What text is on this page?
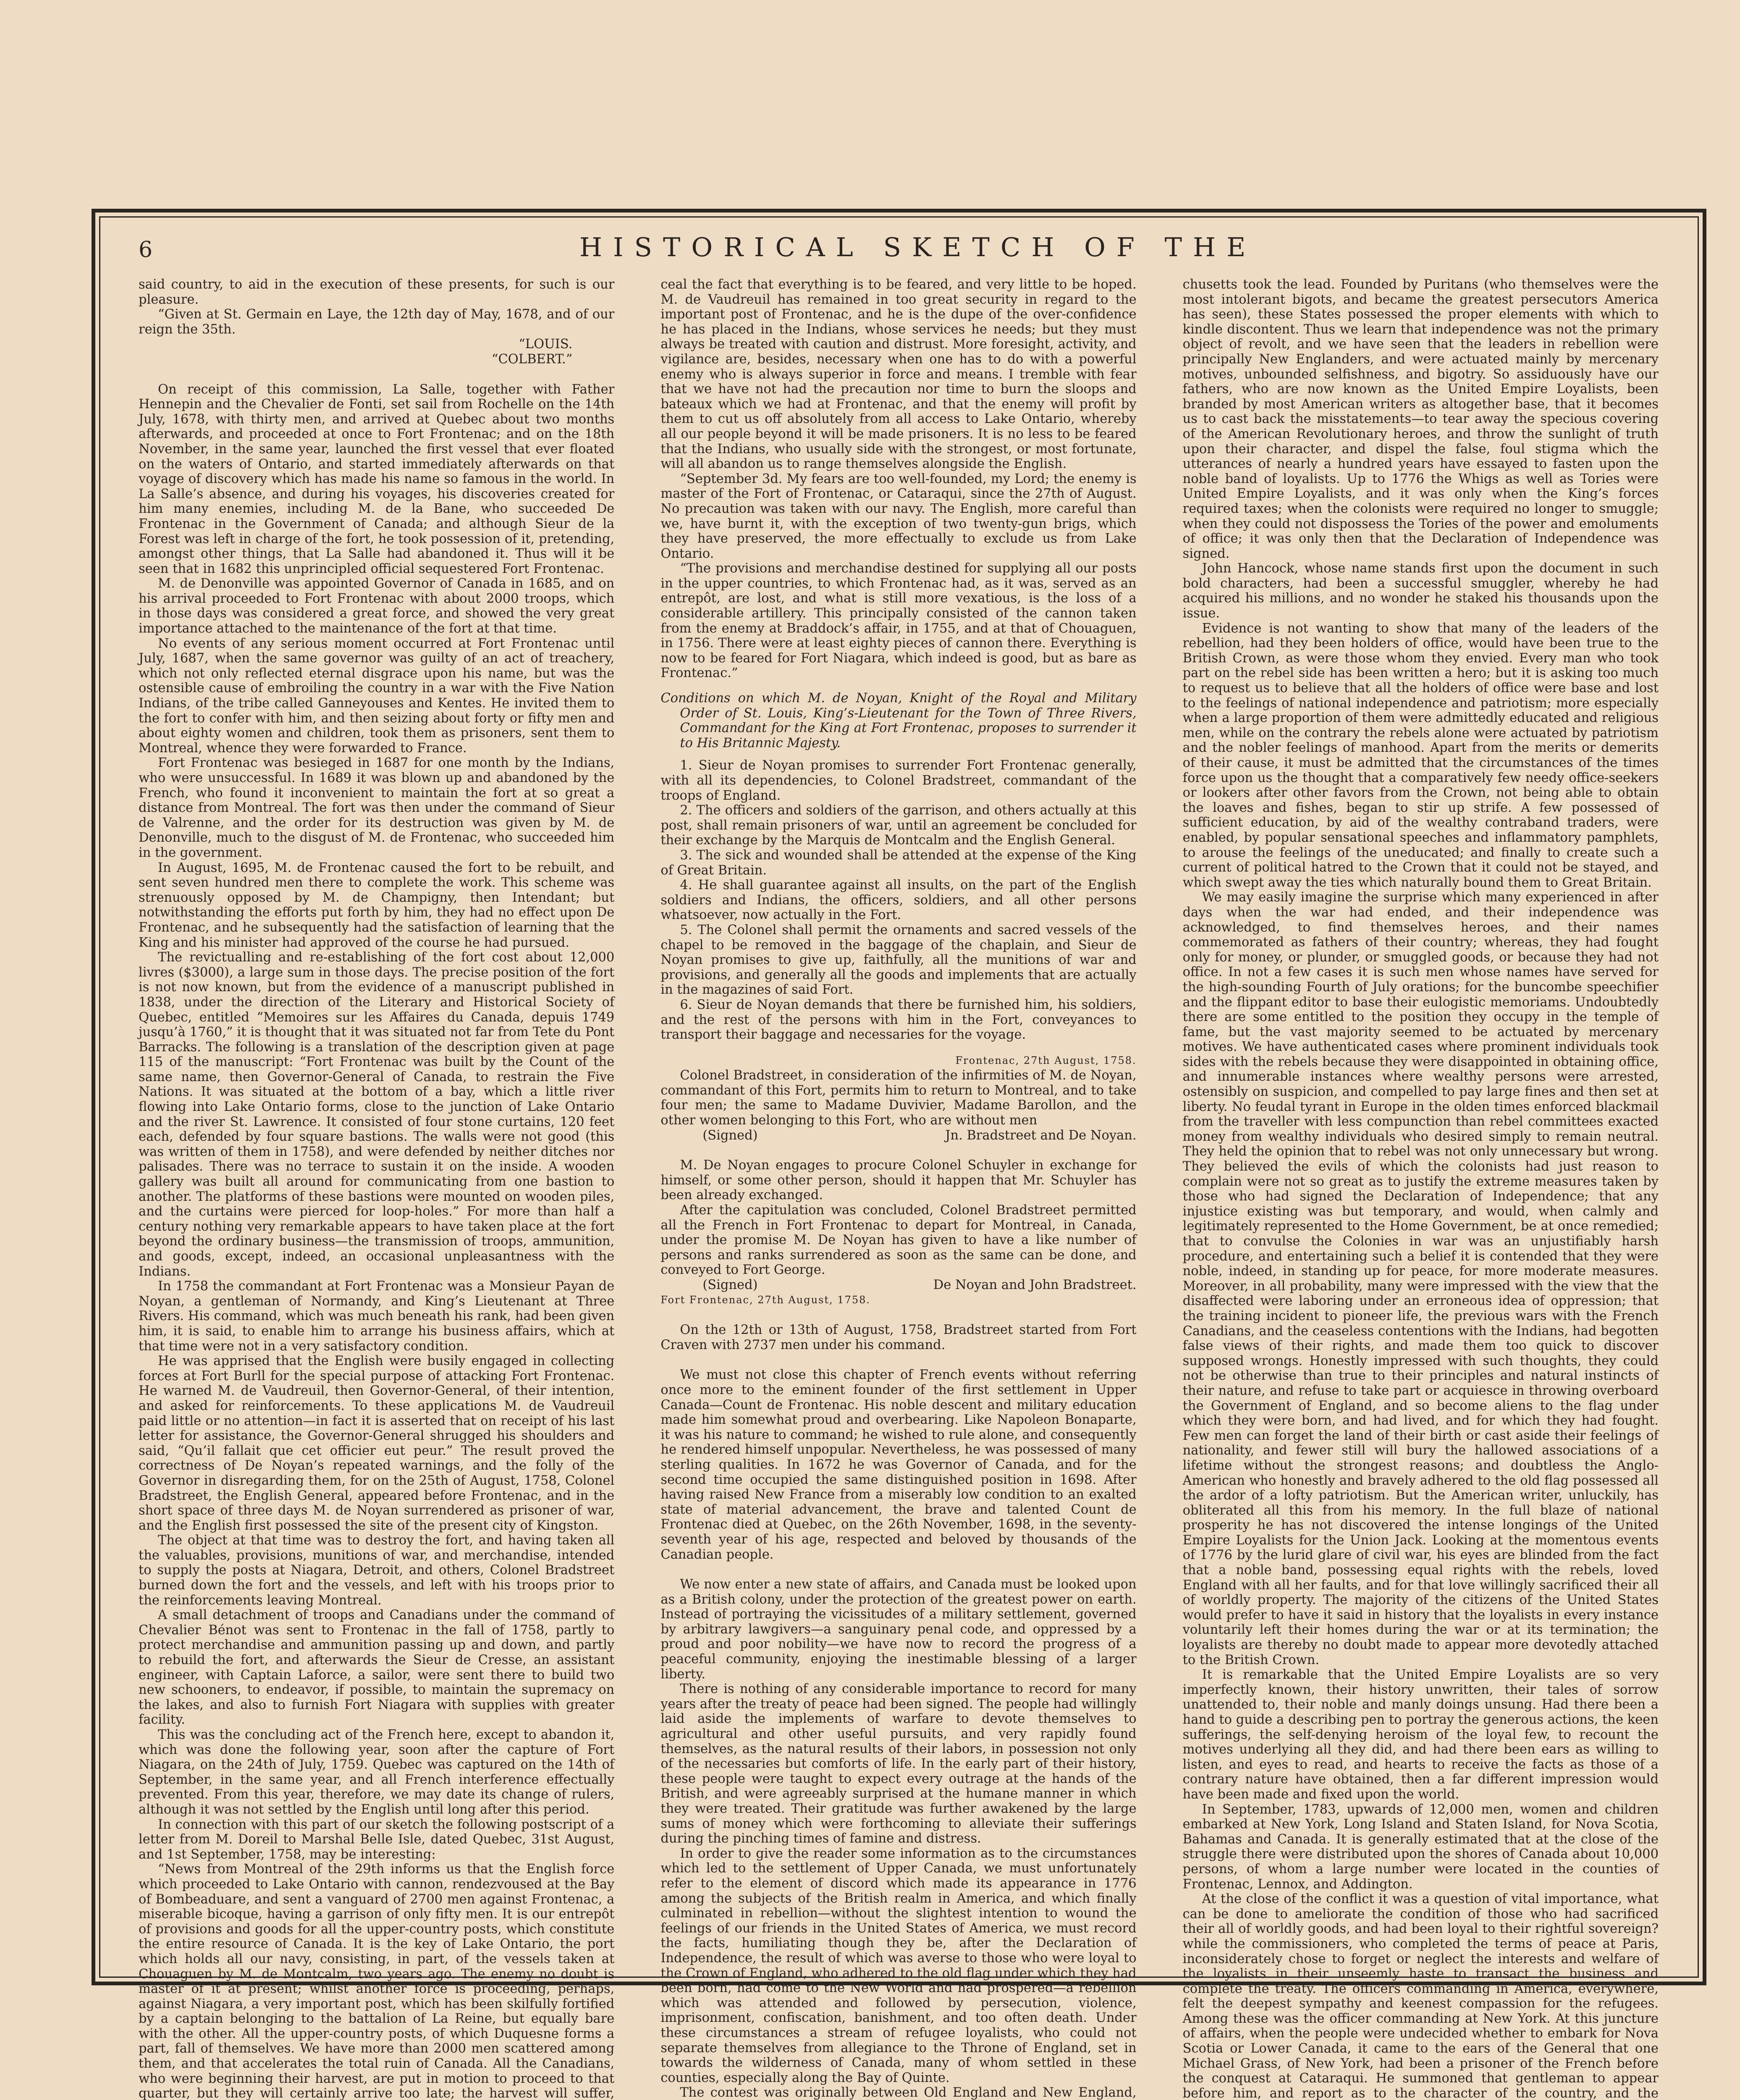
6	HISTORICAL SKETCH OF THE

said country, to aid in the execution of these presents, for such is our pleasure.

“Given at St. Germain en Laye, the 12th day of May, 1678, and of our reign the 35th.

“LOUIS.

“COLBERT.”

On receipt of this commission, La Salle, together with Father Hennepin and the Chevalier de Fonti, set sail from Rochelle on the 14th July, 1678, with thirty men, and arrived at Quebec about two months afterwards, and proceeded at once to Fort Frontenac; and on the 18th November, in the same year, launched the first vessel that ever floated on the waters of Ontario, and started immediately afterwards on that voyage of discovery which has made his name so famous in the world. In La Salle’s absence, and during his voyages, his discoveries created for him many enemies, including M. de la Bane, who succeeded De Frontenac in the Government of Canada; and although Sieur de la Forest was left in charge of the fort, he took possession of it, pretending, amongst other things, that La Salle had abandoned it. Thus will it be seen that in 1682 this unprincipled official sequestered Fort Frontenac.

M. de Denonville was appointed Governor of Canada in 1685, and on his arrival proceeded to Fort Frontenac with about 2000 troops, which in those days was considered a great force, and showed the very great importance attached to the maintenance of the fort at that time.

No events of any serious moment occurred at Fort Frontenac until July, 1687, when the same governor was guilty of an act of treachery, which not only reflected eternal disgrace upon his name, but was the ostensible cause of embroiling the country in a war with the Five Nation Indians, of the tribe called Ganneyouses and Kentes. He invited them to the fort to confer with him, and then seizing about forty or fifty men and about eighty women and children, took them as prisoners, sent them to Montreal, whence they were forwarded to France.

Fort Frontenac was besieged in 1687 for one month by the Indians, who were unsuccessful. In 1689 it was blown up and abandoned by the French, who found it inconvenient to maintain the fort at so great a distance from Montreal. The fort was then under the command of Sieur de Valrenne, and the order for its destruction was given by M. de Denonville, much to the disgust of M. de Frontenac, who succeeded him in the government.

In August, 1695, M. de Frontenac caused the fort to be rebuilt, and sent seven hundred men there to complete the work. This scheme was strenuously opposed by M. de Champigny, then Intendant; but notwithstanding the efforts put forth by him, they had no effect upon De Frontenac, and he subsequently had the satisfaction of learning that the King and his minister had approved of the course he had pursued.

The revictualling and re-establishing of the fort cost about 12,000 livres ($3000), a large sum in those days. The precise position of the fort is not now known, but from the evidence of a manuscript published in 1838, under the direction of the Literary and Historical Society of Quebec, entitled “Memoires sur les Affaires du Canada, depuis 1749 jusqu’à 1760,” it is thought that it was situated not far from Tete du Pont Barracks. The following is a translation of the description given at page 115 of the manuscript: “Fort Frontenac was built by the Count of the same name, then Governor-General of Canada, to restrain the Five Nations. It was situated at the bottom of a bay, which a little river flowing into Lake Ontario forms, close to the junction of Lake Ontario and the river St. Lawrence. It consisted of four stone curtains, 120 feet each, defended by four square bastions. The walls were not good (this was written of them in 1758), and were defended by neither ditches nor palisades. There was no terrace to sustain it on the inside. A wooden gallery was built all around for communicating from one bastion to another. The platforms of these bastions were mounted on wooden piles, and the curtains were pierced for loop-holes.” For more than half a century nothing very remarkable appears to have taken place at the fort beyond the ordinary business—the transmission of troops, ammunition, and goods, except, indeed, an occasional unpleasantness with the Indians.

In 1758 the commandant at Fort Frontenac was a Monsieur Payan de Noyan, a gentleman of Normandy, and King’s Lieutenant at Three Rivers. His command, which was much beneath his rank, had been given him, it is said, to enable him to arrange his business affairs, which at that time were not in a very satisfactory condition.

He was apprised that the English were busily engaged in collecting forces at Fort Burll for the special purpose of attacking Fort Frontenac. He warned M. de Vaudreuil, then Governor-General, of their intention, and asked for reinforcements. To these applications M. de Vaudreuil paid little or no attention—in fact it is asserted that on receipt of his last letter for assistance, the Governor-General shrugged his shoulders and said, “Qu’il fallait que cet officier eut peur.” The result proved the correctness of De Noyan’s repeated warnings, and the folly of the Governor in disregarding them, for on the 25th of August, 1758, Colonel Bradstreet, the English General, appeared before Frontenac, and in the short space of three days M. de Noyan surrendered as prisoner of war, and the English first possessed the site of the present city of Kingston.

The object at that time was to destroy the fort, and having taken all the valuables, provisions, munitions of war, and merchandise, intended to supply the posts at Niagara, Detroit, and others, Colonel Bradstreet burned down the fort and the vessels, and left with his troops prior to the reinforcements leaving Montreal.

A small detachment of troops and Canadians under the command of Chevalier Bénot was sent to Frontenac in the fall of 1758, partly to protect merchandise and ammunition passing up and down, and partly to rebuild the fort, and afterwards the Sieur de Cresse, an assistant engineer, with Captain Laforce, a sailor, were sent there to build two new schooners, to endeavor, if possible, to maintain the supremacy on the lakes, and also to furnish Fort Niagara with supplies with greater facility.

This was the concluding act of the French here, except to abandon it, which was done the following year, soon after the capture of Fort Niagara, on the 24th of July, 1759. Quebec was captured on the 14th of September, in the same year, and all French interference effectually prevented. From this year, therefore, we may date its change of rulers, although it was not settled by the English until long after this period.

In connection with this part of our sketch the following postscript of a letter from M. Doreil to Marshal Belle Isle, dated Quebec, 31st August, and 1st September, 1758, may be interesting:

“News from Montreal of the 29th informs us that the English force which proceeded to Lake Ontario with cannon, rendezvoused at the Bay of Bombeaduare, and sent a vanguard of 2700 men against Frontenac, a miserable bicoque, having a garrison of only fifty men. It is our entrepôt of provisions and goods for all the upper-country posts, which constitute the entire resource of Canada. It is the key of Lake Ontario, the port which holds all our navy, consisting, in part, of the vessels taken at Chouaguen by M. de Montcalm, two years ago. The enemy no doubt is master of it at present; whilst another force is proceeding, perhaps, against Niagara, a very important post, which has been skilfully fortified by a captain belonging to the battalion of La Reine, but equally bare with the other. All the upper-country posts, of which Duquesne forms a part, fall of themselves. We have more than 2000 men scattered among them, and that accelerates the total ruin of Canada. All the Canadians, who were beginning their harvest, are put in motion to proceed to that quarter, but they will certainly arrive too late; the harvest will suffer,

ceal the fact that everything is to be feared, and very little to be hoped. M. de Vaudreuil has remained in too great security in regard to the important post of Frontenac, and he is the dupe of the over-confidence he has placed in the Indians, whose services he needs; but they must always be treated with caution and distrust. More foresight, activity, and vigilance are, besides, necessary when one has to do with a powerful enemy who is always superior in force and means. I tremble with fear that we have not had the precaution nor time to burn the sloops and bateaux which we had at Frontenac, and that the enemy will profit by them to cut us off absolutely from all access to Lake Ontario, whereby all our people beyond it will be made prisoners. It is no less to be feared that the Indians, who usually side with the strongest, or most fortunate, will all abandon us to range themselves alongside the English.

“September 3d. My fears are too well-founded, my Lord; the enemy is master of the Fort of Frontenac, or Cataraqui, since the 27th of August. No precaution was taken with our navy. The English, more careful than we, have burnt it, with the exception of two twenty-gun brigs, which they have preserved, the more effectually to exclude us from Lake Ontario.

“The provisions and merchandise destined for supplying all our posts in the upper countries, to which Frontenac had, as it was, served as an entrepôt, are lost, and what is still more vexatious, is the loss of a considerable artillery. This principally consisted of the cannon taken from the enemy at Braddock’s affair, in 1755, and at that of Chouaguen, in 1756. There were at least eighty pieces of cannon there. Everything is now to be feared for Fort Niagara, which indeed is good, but as bare as Frontenac.”

Conditions on which M. de Noyan, Knight of the Royal and Military Order of St. Louis, King’s-Lieutenant for the Town of Three Rivers, Commandant for the King at Fort Frontenac, proposes to surrender it to His Britannic Majesty.

1. Sieur de Noyan promises to surrender Fort Frontenac generally, with all its dependencies, to Colonel Bradstreet, commandant of the troops of England.

2. The officers and soldiers of the garrison, and others actually at this post, shall remain prisoners of war, until an agreement be concluded for their exchange by the Marquis de Montcalm and the English General.

3. The sick and wounded shall be attended at the expense of the King of Great Britain.

4. He shall guarantee against all insults, on the part of the English soldiers and Indians, the officers, soldiers, and all other persons whatsoever, now actually in the Fort.

5. The Colonel shall permit the ornaments and sacred vessels of the chapel to be removed in the baggage of the chaplain, and Sieur de Noyan promises to give up, faithfully, all the munitions of war and provisions, and generally all the goods and implements that are actually in the magazines of said Fort.

6. Sieur de Noyan demands that there be furnished him, his soldiers, and the rest of the persons with him in the Fort, conveyances to transport their baggage and necessaries for the voyage.

Frontenac, 27th August, 1758.

Colonel Bradstreet, in consideration of the infirmities of M. de Noyan, commandant of this Fort, permits him to return to Montreal, and to take four men; the same to Madame Duvivier, Madame Barollon, and the other women belonging to this Fort, who are without men

(Signed)	Jn. Bradstreet and De Noyan.

M. De Noyan engages to procure Colonel Schuyler in exchange for himself, or some other person, should it happen that Mr. Schuyler has been already exchanged.

After the capitulation was concluded, Colonel Bradstreet permitted all the French in Fort Frontenac to depart for Montreal, in Canada, under the promise M. De Noyan has given to have a like number of persons and ranks surrendered as soon as the same can be done, and conveyed to Fort George.

(Signed)	De Noyan and John Bradstreet.

Fort Frontenac, 27th August, 1758.

On the 12th or 13th of August, 1758, Bradstreet started from Fort Craven with 2737 men under his command.

We must not close this chapter of French events without referring once more to the eminent founder of the first settlement in Upper Canada—Count de Frontenac. His noble descent and military education made him somewhat proud and overbearing. Like Napoleon Bonaparte, it was his nature to command; he wished to rule alone, and consequently he rendered himself unpopular. Nevertheless, he was possessed of many sterling qualities. In 1672 he was Governor of Canada, and for the second time occupied the same distinguished position in 1698. After having raised New France from a miserably low condition to an exalted state of material advancement, the brave and talented Count de Frontenac died at Quebec, on the 26th November, 1698, in the seventy-seventh year of his age, respected and beloved by thousands of the Canadian people.

We now enter a new state of affairs, and Canada must be looked upon as a British colony, under the protection of the greatest power on earth. Instead of portraying the vicissitudes of a military settlement, governed by arbitrary lawgivers—a sanguinary penal code, and oppressed by a proud and poor nobility—we have now to record the progress of a peaceful community, enjoying the inestimable blessing of a larger liberty.

There is nothing of any considerable importance to record for many years after the treaty of peace had been signed. The people had willingly laid aside the implements of warfare to devote themselves to agricultural and other useful pursuits, and very rapidly found themselves, as the natural results of their labors, in possession not only of the necessaries but comforts of life. In the early part of their history, these people were taught to expect every outrage at the hands of the British, and were agreeably surprised at the humane manner in which they were treated. Their gratitude was further awakened by the large sums of money which were forthcoming to alleviate their sufferings during the pinching times of famine and distress.

In order to give the reader some information as to the circumstances which led to the settlement of Upper Canada, we must unfortunately refer to the element of discord which made its appearance in 1776 among the subjects of the British realm in America, and which finally culminated in rebellion—without the slightest intention to wound the feelings of our friends in the United States of America, we must record the facts, humiliating though they be, after the Declaration of Independence, the result of which was averse to those who were loyal to the Crown of England, who adhered to the old flag under which they had been born, had come to the New World and had prospered—a rebellion which was attended and followed by persecution, violence, imprisonment, confiscation, banishment, and too often death. Under these circumstances a stream of refugee loyalists, who could not separate themselves from allegiance to the Throne of England, set in towards the wilderness of Canada, many of whom settled in these counties, especially along the Bay of Quinte.

The contest was originally between Old England and New England,

chusetts took the lead. Founded by Puritans (who themselves were the most intolerant bigots, and became the greatest persecutors America has seen), these States possessed the proper elements with which to kindle discontent. Thus we learn that independence was not the primary object of revolt, and we have seen that the leaders in rebellion were principally New Englanders, and were actuated mainly by mercenary motives, unbounded selfishness, and bigotry. So assiduously have our fathers, who are now known as the United Empire Loyalists, been branded by most American writers as altogether base, that it becomes us to cast back the misstatements—to tear away the specious covering of the American Revolutionary heroes, and throw the sunlight of truth upon their character, and dispel the false, foul stigma which the utterances of nearly a hundred years have essayed to fasten upon the noble band of loyalists. Up to 1776 the Whigs as well as Tories were United Empire Loyalists, and it was only when the King’s forces required taxes; when the colonists were required no longer to smuggle; when they could not dispossess the Tories of the power and emoluments of office; it was only then that the Declaration of Independence was signed.

John Hancock, whose name stands first upon the document in such bold characters, had been a successful smuggler, whereby he had acquired his millions, and no wonder he staked his thousands upon the issue.

Evidence is not wanting to show that many of the leaders of the rebellion, had they been holders of office, would have been true to the British Crown, as were those whom they envied. Every man who took part on the rebel side has been written a hero; but it is asking too much to request us to believe that all the holders of office were base and lost to the feelings of national independence and patriotism; more especially when a large proportion of them were admittedly educated and religious men, while on the contrary the rebels alone were actuated by patriotism and the nobler feelings of manhood. Apart from the merits or demerits of their cause, it must be admitted that the circumstances of the times force upon us the thought that a comparatively few needy office-seekers or lookers after other favors from the Crown, not being able to obtain the loaves and fishes, began to stir up strife. A few possessed of sufficient education, by aid of the wealthy contraband traders, were enabled, by popular sensational speeches and inflammatory pamphlets, to arouse the feelings of the uneducated; and finally to create such a current of political hatred to the Crown that it could not be stayed, and which swept away the ties which naturally bound them to Great Britain.

We may easily imagine the surprise which many experienced in after days when the war had ended, and their independence was acknowledged, to find themselves heroes, and their names commemorated as fathers of their country; whereas, they had fought only for money, or plunder, or smuggled goods, or because they had not office. In not a few cases it is such men whose names have served for the high-sounding Fourth of July orations; for the buncombe speechifier and the flippant editor to base their eulogistic memoriams. Undoubtedly there are some entitled to the position they occupy in the temple of fame, but the vast majority seemed to be actuated by mercenary motives. We have authenticated cases where prominent individuals took sides with the rebels because they were disappointed in obtaining office, and innumerable instances where wealthy persons were arrested, ostensibly on suspicion, and compelled to pay large fines and then set at liberty. No feudal tyrant in Europe in the olden times enforced blackmail from the traveller with less compunction than rebel committees exacted money from wealthy individuals who desired simply to remain neutral. They held the opinion that to rebel was not only unnecessary but wrong. They believed the evils of which the colonists had just reason to complain were not so great as to justify the extreme measures taken by those who had signed the Declaration of Independence; that any injustice existing was but temporary, and would, when calmly and legitimately represented to the Home Government, be at once remedied; that to convulse the Colonies in war was an unjustifiably harsh procedure, and entertaining such a belief it is contended that they were noble, indeed, in standing up for peace, for more moderate measures. Moreover, in all probability, many were impressed with the view that the disaffected were laboring under an erroneous idea of oppression; that the training incident to pioneer life, the previous wars with the French Canadians, and the ceaseless contentions with the Indians, had begotten false views of their rights, and made them too quick to discover supposed wrongs. Honestly impressed with such thoughts, they could not be otherwise than true to their principles and natural instincts of their nature, and refuse to take part or acquiesce in throwing overboard the Government of England, and so become aliens to the flag under which they were born, and had lived, and for which they had fought. Few men can forget the land of their birth or cast aside their feelings of nationality, and fewer still will bury the hallowed associations of a lifetime without the strongest reasons; and doubtless the Anglo-American who honestly and bravely adhered to the old flag possessed all the ardor of a lofty patriotism. But the American writer, unluckily, has obliterated all this from his memory. In the full blaze of national prosperity he has not discovered the intense longings of the United Empire Loyalists for the Union Jack. Looking at the momentous events of 1776 by the lurid glare of civil war, his eyes are blinded from the fact that a noble band, possessing equal rights with the rebels, loved England with all her faults, and for that love willingly sacrificed their all of worldly property. The majority of the citizens of the United States would prefer to have it said in history that the loyalists in every instance voluntarily left their homes during the war or at its termination; the loyalists are thereby no doubt made to appear more devotedly attached to the British Crown.

It is remarkable that the United Empire Loyalists are so very imperfectly known, their history unwritten, their tales of sorrow unattended to, their noble and manly doings unsung. Had there been a hand to guide a describing pen to portray the generous actions, the keen sufferings, the self-denying heroism of the loyal few, to recount the motives underlying all they did, and had there been ears as willing to listen, and eyes to read, and hearts to receive the facts as those of a contrary nature have obtained, then a far different impression would have been made and fixed upon the world.

In September, 1783, upwards of 12,000 men, women and children embarked at New York, Long Island and Staten Island, for Nova Scotia, Bahamas and Canada. It is generally estimated that at the close of the struggle there were distributed upon the shores of Canada about 10,000 persons, of whom a large number were located in the counties of Frontenac, Lennox, and Addington.

At the close of the conflict it was a question of vital importance, what can be done to ameliorate the condition of those who had sacrificed their all of worldly goods, and had been loyal to their rightful sovereign? while the commissioners, who completed the terms of peace at Paris, inconsiderately chose to forget or neglect the interests and welfare of the loyalists in their unseemly haste to transact the business and complete the treaty. The officers commanding in America, everywhere, felt the deepest sympathy and keenest compassion for the refugees. Among these was the officer commanding at New York. At this juncture of affairs, when the people were undecided whether to embark for Nova Scotia or Lower Canada, it came to the ears of the General that one Michael Grass, of New York, had been a prisoner of the French before the conquest at Cataraqui. He summoned that gentleman to appear before him, and report as to the character of the country, and the
